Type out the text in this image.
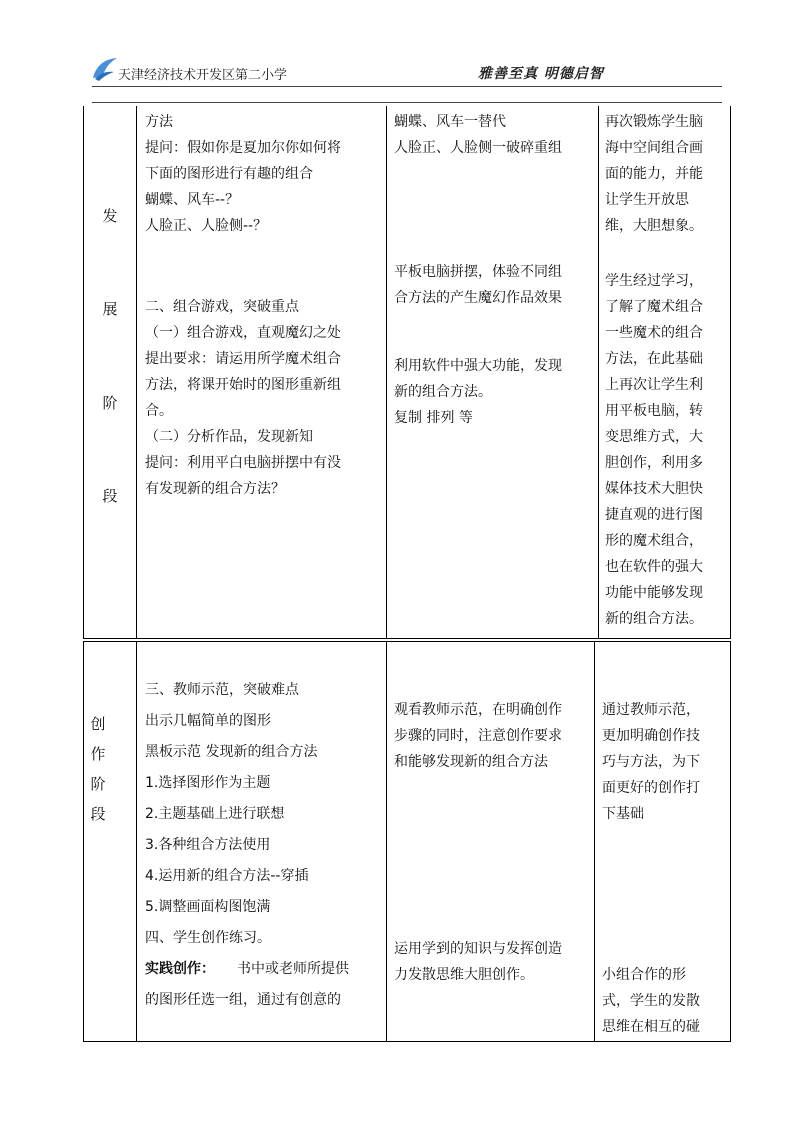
天津经济技术开发区第二小学	雅善至真 明德启智
发
展
阶
段
方法
提问：假如你是夏加尔你如何将
下面的图形进行有趣的组合
蝴蝶、风车--？
人脸正、人脸侧--？
二、组合游戏，突破重点
（一）组合游戏，直观魔幻之处
提出要求：请运用所学魔术组合
方法，将课开始时的图形重新组
合。
（二）分析作品，发现新知
提问：利用平白电脑拼摆中有没
有发现新的组合方法？
蝴蝶、风车一替代
人脸正、人脸侧一破碎重组
平板电脑拼摆，体验不同组
合方法的产生魔幻作品效果
利用软件中强大功能，发现
新的组合方法。
复制 排列 等
再次锻炼学生脑
海中空间组合画
面的能力，并能
让学生开放思
维，大胆想象。
学生经过学习，
了解了魔术组合
一些魔术的组合
方法，在此基础
上再次让学生利
用平板电脑，转
变思维方式，大
胆创作，利用多
媒体技术大胆快
捷直观的进行图
形的魔术组合，
也在软件的强大
功能中能够发现
新的组合方法。
创
作
阶
段
三、教师示范，突破难点
出示几幅简单的图形
黑板示范 发现新的组合方法
1.选择图形作为主题
2.主题基础上进行联想
3.各种组合方法使用
4.运用新的组合方法--穿插
5.调整画面构图饱满
四、学生创作练习。
实践创作： 书中或老师所提供
的图形任选一组，通过有创意的
观看教师示范，在明确创作
步骤的同时，注意创作要求
和能够发现新的组合方法
运用学到的知识与发挥创造
力发散思维大胆创作。
通过教师示范，
更加明确创作技
巧与方法，为下
面更好的创作打
下基础
小组合作的形
式，学生的发散
思维在相互的碰
